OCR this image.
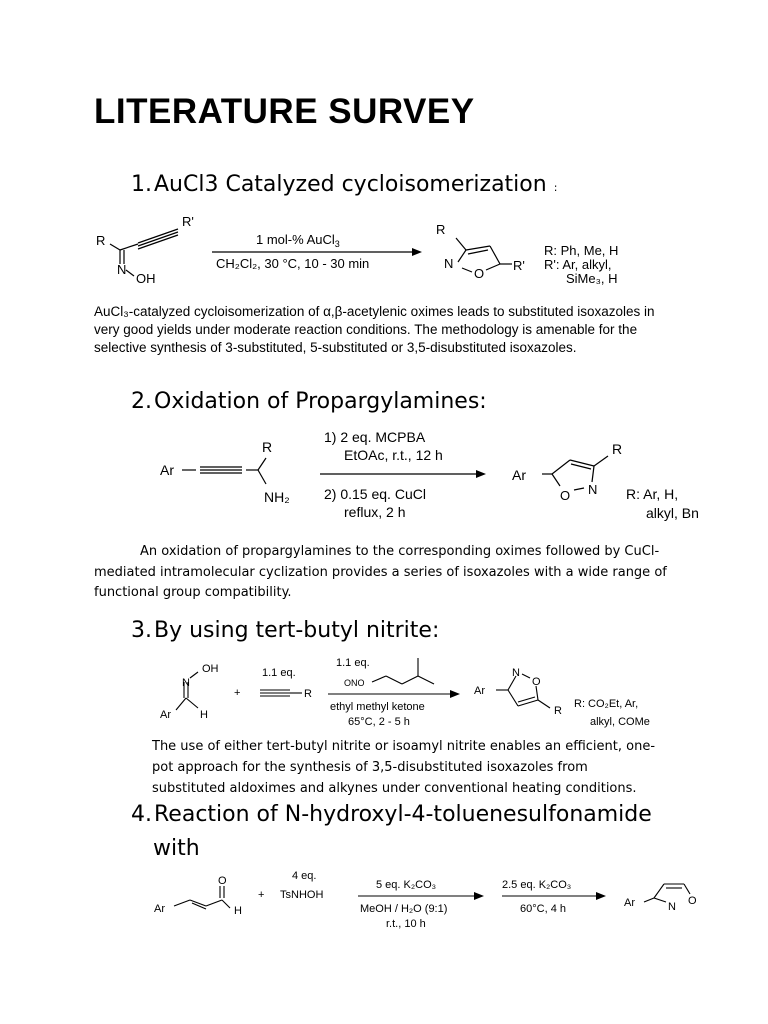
LITERATURE SURVEY
1.AuCl3 Catalyzed cycloisomerization :
R
R'
N
OH
1 mol-% AuCl$_3$
CH₂Cl₂, 30 °C, 10 - 30 min
R
N
O
R'
R: Ph, Me, H
R': Ar, alkyl,
SiMe₃, H
AuCl₃-catalyzed cycloisomerization of α,β-acetylenic oximes leads to substituted isoxazoles in very good yields under moderate reaction conditions. The methodology is amenable for the selective synthesis of 3-substituted, 5-substituted or 3,5-disubstituted isoxazoles.
2.Oxidation of Propargylamines:
Ar
R
NH₂
1) 2 eq. MCPBA
EtOAc, r.t., 12 h
2) 0.15 eq. CuCl
reflux, 2 h
Ar
R
O N R: Ar, H,
alkyl, Bn
An oxidation of propargylamines to the corresponding oximes followed by CuCl-mediated intramolecular cyclization provides a series of isoxazoles with a wide range of functional group compatibility.
3.By using tert-butyl nitrite:
OH
N
Ar	H
+
1.1 eq.
R
1.1 eq.
ONO
ethyl methyl ketone
65°C, 2 - 5 h
N
O
Ar
R
R: CO₂Et, Ar,
alkyl, COMe
The use of either tert-butyl nitrite or isoamyl nitrite enables an efficient, one-pot approach for the synthesis of 3,5-disubstituted isoxazoles from substituted aldoximes and alkynes under conventional heating conditions.
4.Reaction of N-hydroxyl-4-toluenesulfonamide
with
Ar
O
H
+
4 eq.
TsNHOH
5 eq. K₂CO₃
MeOH / H₂O (9:1)
r.t., 10 h
2.5 eq. K₂CO₃
60°C, 4 h	Ar	N O
